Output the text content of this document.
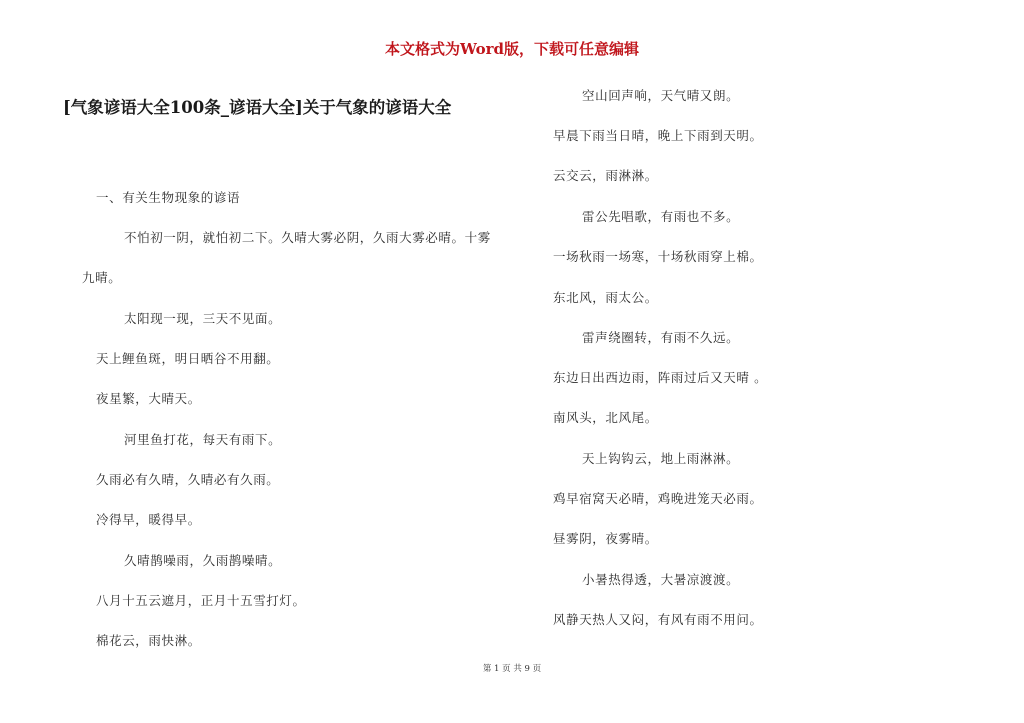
本文格式为Word版，下载可任意编辑
[气象谚语大全100条_谚语大全]关于气象的谚语大全
一、有关生物现象的谚语
不怕初一阴，就怕初二下。久晴大雾必阴，久雨大雾必晴。十雾
九晴。
太阳现一现，三天不见面。
天上鲤鱼斑，明日晒谷不用翻。
夜星繁，大晴天。
河里鱼打花，每天有雨下。
久雨必有久晴，久晴必有久雨。
冷得早，暖得早。
久晴鹊噪雨，久雨鹊噪晴。
八月十五云遮月，正月十五雪打灯。
棉花云，雨快淋。
空山回声响，天气晴又朗。
早晨下雨当日晴，晚上下雨到天明。
云交云，雨淋淋。
雷公先唱歌，有雨也不多。
一场秋雨一场寒，十场秋雨穿上棉。
东北风，雨太公。
雷声绕圈转，有雨不久远。
东边日出西边雨，阵雨过后又天晴 。
南风头，北风尾。
天上钩钩云，地上雨淋淋。
鸡早宿窝天必晴，鸡晚进笼天必雨。
昼雾阴，夜雾晴。
小暑热得透，大暑凉渡渡。
风静天热人又闷，有风有雨不用问。
第 1 页 共 9 页
